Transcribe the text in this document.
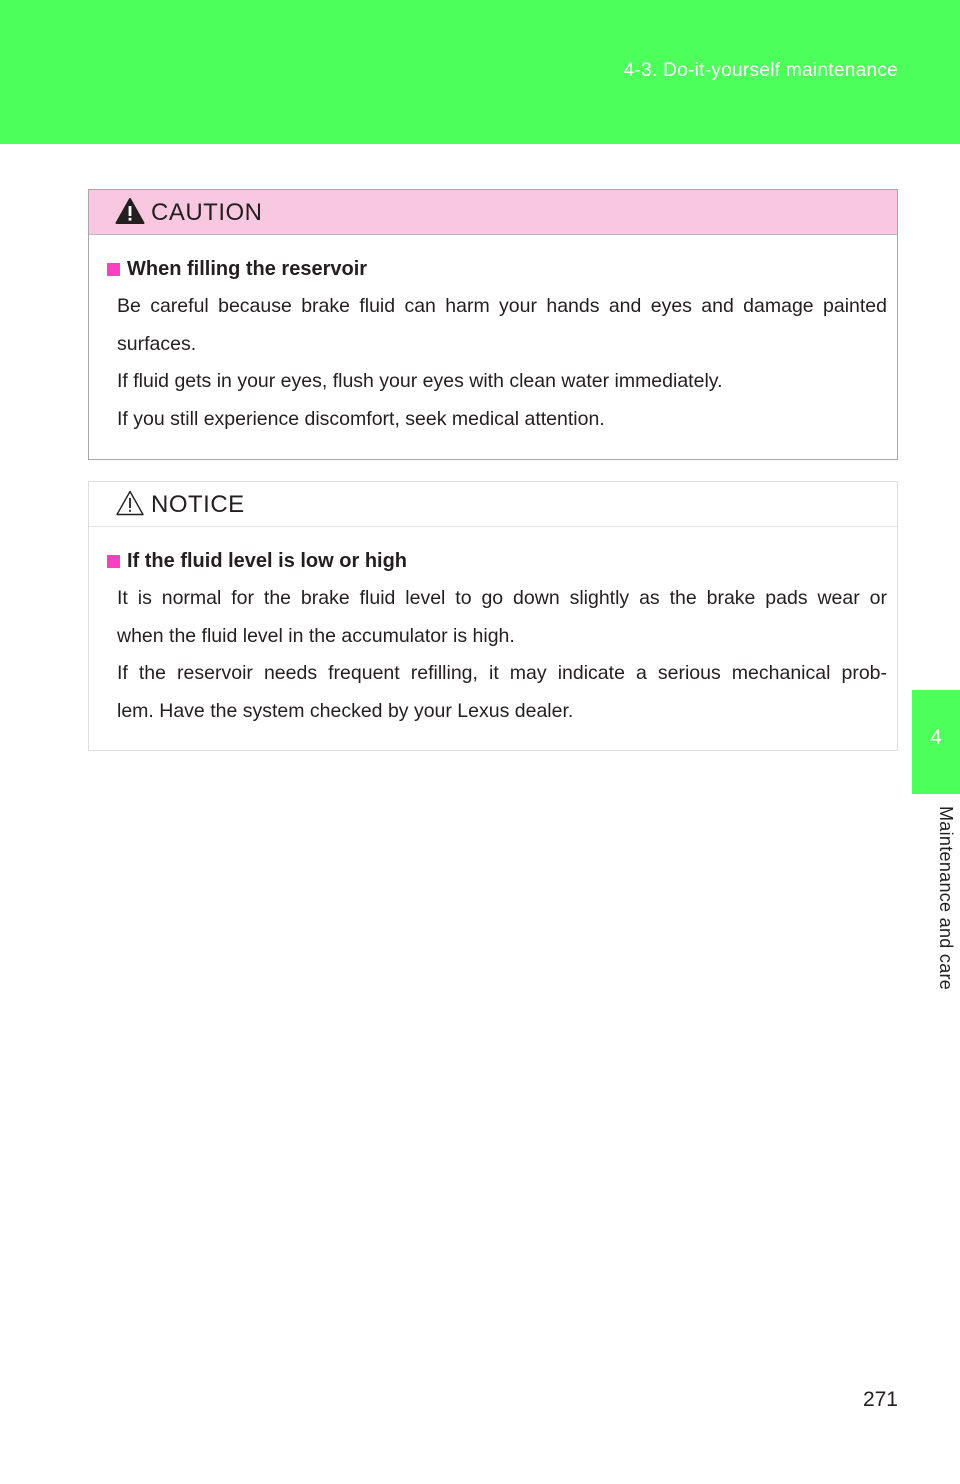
4-3. Do-it-yourself maintenance
4
Maintenance and care
CAUTION
When filling the reservoir

Be careful because brake fluid can harm your hands and eyes and damage painted

surfaces.

If fluid gets in your eyes, flush your eyes with clean water immediately.

If you still experience discomfort, seek medical attention.

NOTICE
If the fluid level is low or high

It is normal for the brake fluid level to go down slightly as the brake pads wear or

when the fluid level in the accumulator is high.

If the reservoir needs frequent refilling, it may indicate a serious mechanical prob-

lem. Have the system checked by your Lexus dealer.

271
